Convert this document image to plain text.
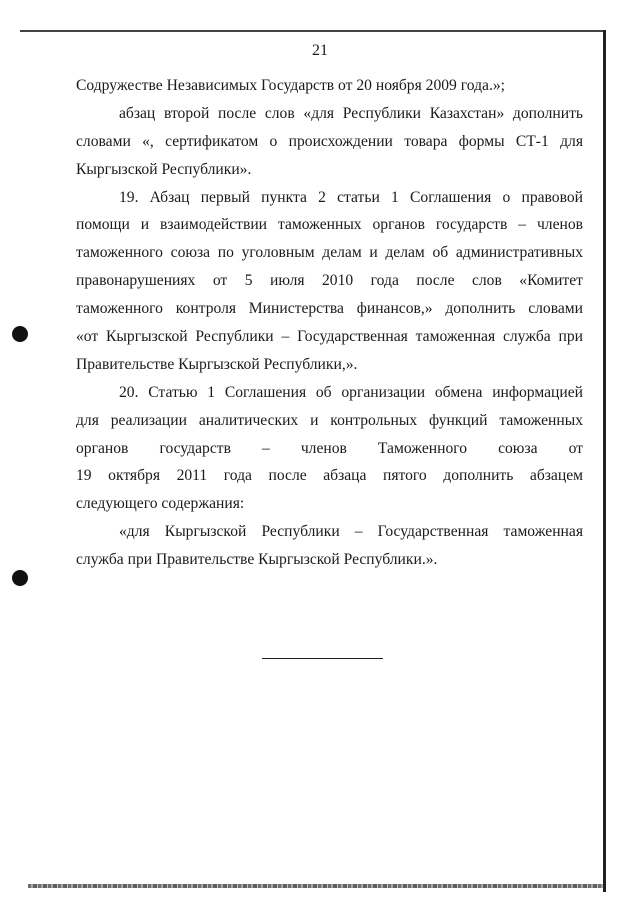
21
Содружестве Независимых Государств от 20 ноября 2009 года.»;
абзац второй после слов «для Республики Казахстан» дополнить
словами «, сертификатом о происхождении товара формы СТ-1 для
Кыргызской Республики».
19. Абзац первый пункта 2 статьи 1 Соглашения о правовой
помощи и взаимодействии таможенных органов государств – членов
таможенного союза по уголовным делам и делам об административных
правонарушениях от 5 июля 2010 года после слов «Комитет
таможенного контроля Министерства финансов,» дополнить словами
«от Кыргызской Республики – Государственная таможенная служба при
Правительстве Кыргызской Республики,».
20. Статью 1 Соглашения об организации обмена информацией
для реализации аналитических и контрольных функций таможенных
органов государств – членов Таможенного союза от
19 октября 2011 года после абзаца пятого дополнить абзацем
следующего содержания:
«для Кыргызской Республики – Государственная таможенная
служба при Правительстве Кыргызской Республики.».
